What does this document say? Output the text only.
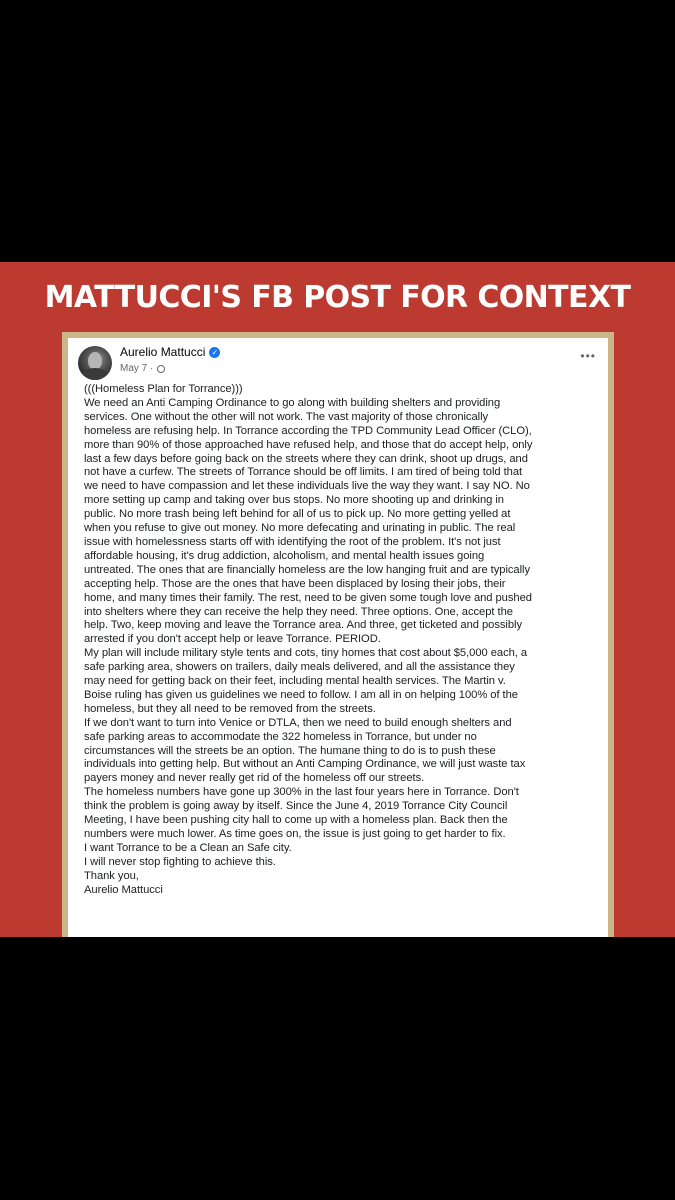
MATTUCCI'S FB POST FOR CONTEXT
Aurelio Mattucci ✓
May 7 ·
•••
(((Homeless Plan for Torrance)))
We need an Anti Camping Ordinance to go along with building shelters and providing
services. One without the other will not work. The vast majority of those chronically
homeless are refusing help. In Torrance according the TPD Community Lead Officer (CLO),
more than 90% of those approached have refused help, and those that do accept help, only
last a few days before going back on the streets where they can drink, shoot up drugs, and
not have a curfew. The streets of Torrance should be off limits. I am tired of being told that
we need to have compassion and let these individuals live the way they want. I say NO. No
more setting up camp and taking over bus stops. No more shooting up and drinking in
public. No more trash being left behind for all of us to pick up. No more getting yelled at
when you refuse to give out money. No more defecating and urinating in public. The real
issue with homelessness starts off with identifying the root of the problem. It's not just
affordable housing, it's drug addiction, alcoholism, and mental health issues going
untreated. The ones that are financially homeless are the low hanging fruit and are typically
accepting help. Those are the ones that have been displaced by losing their jobs, their
home, and many times their family. The rest, need to be given some tough love and pushed
into shelters where they can receive the help they need. Three options. One, accept the
help. Two, keep moving and leave the Torrance area. And three, get ticketed and possibly
arrested if you don't accept help or leave Torrance. PERIOD.
My plan will include military style tents and cots, tiny homes that cost about $5,000 each, a
safe parking area, showers on trailers, daily meals delivered, and all the assistance they
may need for getting back on their feet, including mental health services. The Martin v.
Boise ruling has given us guidelines we need to follow. I am all in on helping 100% of the
homeless, but they all need to be removed from the streets.
If we don't want to turn into Venice or DTLA, then we need to build enough shelters and
safe parking areas to accommodate the 322 homeless in Torrance, but under no
circumstances will the streets be an option. The humane thing to do is to push these
individuals into getting help. But without an Anti Camping Ordinance, we will just waste tax
payers money and never really get rid of the homeless off our streets.
The homeless numbers have gone up 300% in the last four years here in Torrance. Don't
think the problem is going away by itself. Since the June 4, 2019 Torrance City Council
Meeting, I have been pushing city hall to come up with a homeless plan. Back then the
numbers were much lower. As time goes on, the issue is just going to get harder to fix.
I want Torrance to be a Clean an Safe city.
I will never stop fighting to achieve this.
Thank you,
Aurelio Mattucci
